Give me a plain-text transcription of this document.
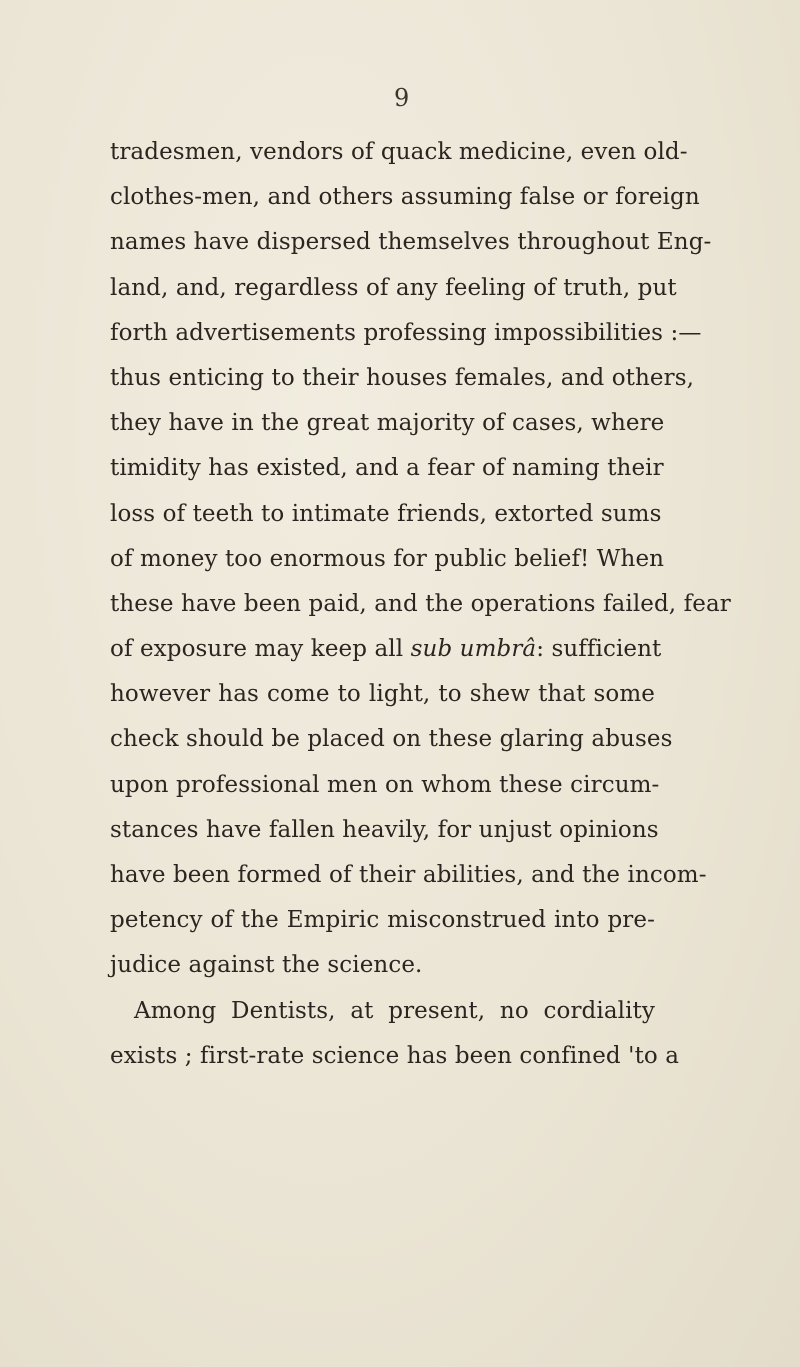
9
tradesmen, vendors of quack medicine, even old-
clothes-men, and others assuming false or foreign
names have dispersed themselves throughout Eng-
land, and, regardless of any feeling of truth, put
forth advertisements professing impossibilities :—
thus enticing to their houses females, and others,
they have in the great majority of cases, where
timidity has existed, and a fear of naming their
loss of teeth to intimate friends, extorted sums
of money too enormous for public belief! When
these have been paid, and the operations failed, fear
of exposure may keep all sub umbrâ: sufficient
however has come to light, to shew that some
check should be placed on these glaring abuses
upon professional men on whom these circum-
stances have fallen heavily, for unjust opinions
have been formed of their abilities, and the incom-
petency of the Empiric misconstrued into pre-
judice against the science.
Among Dentists, at present, no cordiality
exists ; first-rate science has been confined 'to a
